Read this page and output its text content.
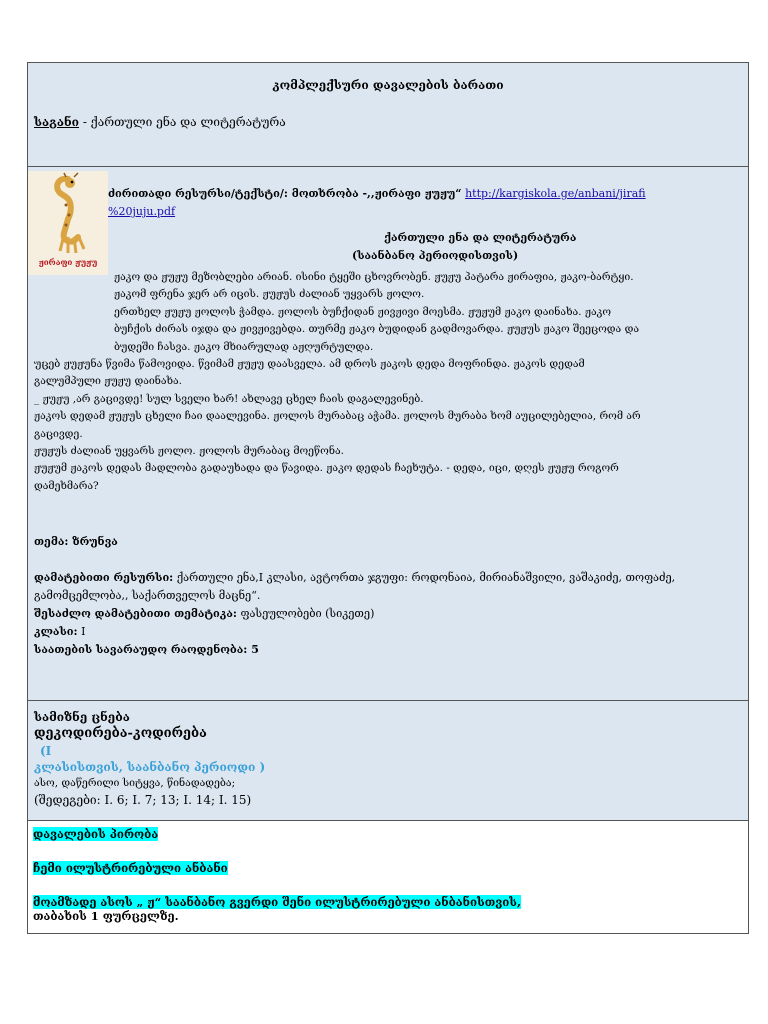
კომპლექსური დავალების ბარათი
საგანი - ქართული ენა და ლიტერატურა
ჟირაფი ჟუჟუ
ძირითადი რესურსი/ტექსტი/: მოთხრობა -,,ჟირაფი ჟუჟუ“ http://kargiskola.ge/anbani/jirafi
%20juju.pdf
ქართული ენა და ლიტერატურა
(საანბანო პერიოდისთვის)
ჟაკო და ჟუჟუ მეზობლები არიან. ისინი ტყეში ცხოვრობენ. ჟუჟუ პატარა ჟირაფია, ჟაკო-ბარტყი.
ჟაკომ ფრენა ჯერ არ იცის. ჟუჟუს ძალიან უყვარს ჟოლო.
ერთხელ ჟუჟუ ჟოლოს ჭამდა. ჟოლოს ბუჩქიდან ჟივჟივი მოესმა. ჟუჟუმ ჟაკო დაინახა. ჟაკო
ბუჩქის ძირას იჯდა და ჟივჟივებდა. თურმე ჟაკო ბუდიდან გადმოვარდა. ჟუჟუს ჟაკო შეეცოდა და
ბუდეში ჩასვა. ჟაკო მხიარულად აჟღურტულდა.
უცებ ჟუჟუნა წვიმა წამოვიდა. წვიმამ ჟუჟუ დაასველა. ამ დროს ჟაკოს დედა მოფრინდა. ჟაკოს დედამ
გალუმპული ჟუჟუ დაინახა.
_ ჟუჟუ ,არ გაცივდე! სულ სველი ხარ! ახლავე ცხელ ჩაის დაგალევინებ.
ჟაკოს დედამ ჟუჟუს ცხელი ჩაი დაალევინა. ჟოლოს მურაბაც აჭამა. ჟოლოს მურაბა ხომ აუცილებელია, რომ არ
გაცივდე.
ჟუჟუს ძალიან უყვარს ჟოლო. ჟოლოს მურაბაც მოეწონა.
ჟუჟუმ ჟაკოს დედას მადლობა გადაუხადა და წავიდა. ჟაკო დედას ჩაეხუტა. - დედა, იცი, დღეს ჟუჟუ როგორ
დამეხმარა?
თემა: ზრუნვა
დამატებითი რესურსი: ქართული ენა,I კლასი, ავტორთა ჯგუფი: როდონაია, მირიანაშვილი, ვაშაკიძე, თოფაძე,
გამომცემლობა,, საქართველოს მაცნე“.
შესაძლო დამატებითი თემატიკა: ფასეულობები (სიკეთე)
კლასი: I
საათების სავარაუდო რაოდენობა: 5
სამიზნე ცნება
დეკოდირება-კოდირება
(I
კლასისთვის, საანბანო პერიოდი )
ასო, დაწერილი სიტყვა, წინადადება;
(შედეგები: I. 6; I. 7; 13; I. 14; I. 15)
დავალების პირობა
ჩემი ილუსტრირებული ანბანი
მოამზადე ასოს „ ჟ“ საანბანო გვერდი შენი ილუსტრირებული ანბანისთვის,
თაბახის 1 ფურცელზე.
